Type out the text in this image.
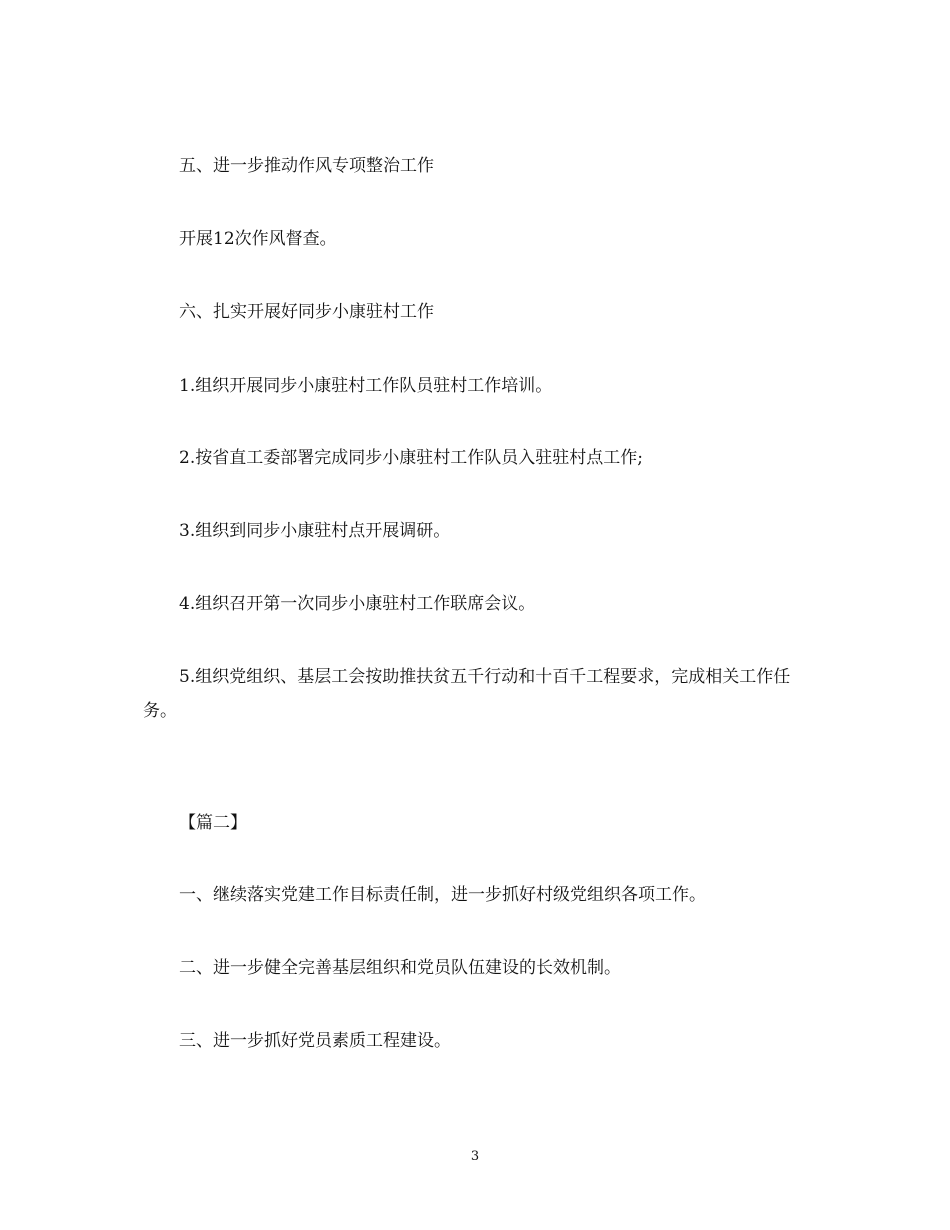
五、进一步推动作风专项整治工作

开展12次作风督查。

六、扎实开展好同步小康驻村工作

1.组织开展同步小康驻村工作队员驻村工作培训。

2.按省直工委部署完成同步小康驻村工作队员入驻驻村点工作;

3.组织到同步小康驻村点开展调研。

4.组织召开第一次同步小康驻村工作联席会议。

5.组织党组织、基层工会按助推扶贫五千行动和十百千工程要求，完成相关工作任务。

【篇二】

一、继续落实党建工作目标责任制，进一步抓好村级党组织各项工作。

二、进一步健全完善基层组织和党员队伍建设的长效机制。

三、进一步抓好党员素质工程建设。

3
